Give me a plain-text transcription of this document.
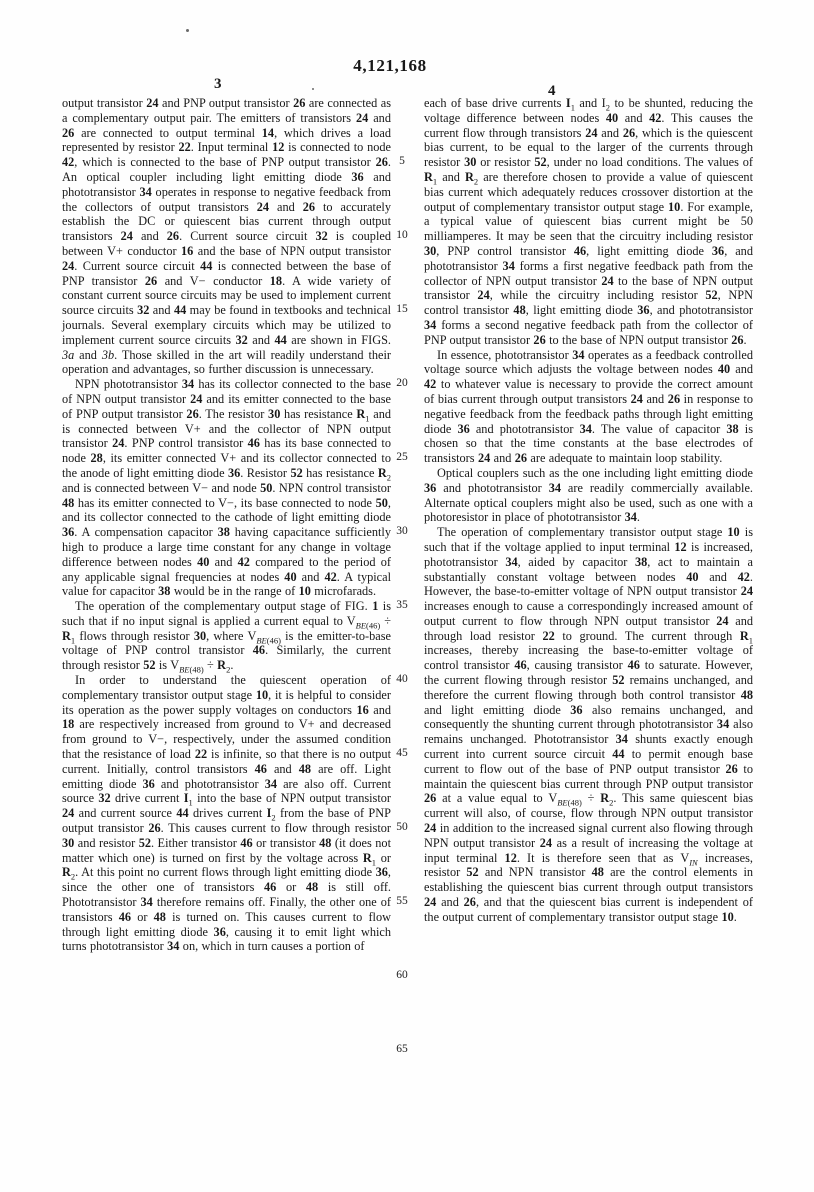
4,121,168
3	4

output transistor 24 and PNP output transistor 26 are connected as a complementary output pair. The emitters of transistors 24 and 26 are connected to output terminal 14, which drives a load represented by resistor 22. Input terminal 12 is connected to node 42, which is connected to the base of PNP output transistor 26. An optical coupler including light emitting diode 36 and phototransistor 34 operates in response to negative feedback from the collectors of output transistors 24 and 26 to accurately establish the DC or quiescent bias current through output transistors 24 and 26. Current source circuit 32 is coupled between V+ conductor 16 and the base of NPN output transistor 24. Current source circuit 44 is connected between the base of PNP transistor 26 and V− conductor 18. A wide variety of constant current source circuits may be used to implement current source circuits 32 and 44 may be found in textbooks and technical journals. Several exemplary circuits which may be utilized to implement current source circuits 32 and 44 are shown in FIGS. 3a and 3b. Those skilled in the art will readily understand their operation and advantages, so further discussion is unnecessary.

NPN phototransistor 34 has its collector connected to the base of NPN output transistor 24 and its emitter connected to the base of PNP output transistor 26. The resistor 30 has resistance $R_1$ and is connected between V+ and the collector of NPN output transistor 24. PNP control transistor 46 has its base connected to node 28, its emitter connected V+ and its collector connected to the anode of light emitting diode 36. Resistor 52 has resistance $R_2$ and is connected between V− and node 50. NPN control transistor 48 has its emitter connected to V−, its base connected to node 50, and its collector connected to the cathode of light emitting diode 36. A compensation capacitor 38 having capacitance sufficiently high to produce a large time constant for any change in voltage difference between nodes 40 and 42 compared to the period of any applicable signal frequencies at nodes 40 and 42. A typical value for capacitor 38 would be in the range of 10 microfarads.

The operation of the complementary output stage of FIG. 1 is such that if no input signal is applied a current equal to $V_{BE(46)} \div R_1$ flows through resistor 30, where $V_{BE(46)}$ is the emitter-to-base voltage of PNP control transistor 46. Similarly, the current through resistor 52 is $V_{BE(48)} \div R_2$.

In order to understand the quiescent operation of complementary transistor output stage 10, it is helpful to consider its operation as the power supply voltages on conductors 16 and 18 are respectively increased from ground to V+ and decreased from ground to V−, respectively, under the assumed condition that the resistance of load 22 is infinite, so that there is no output current. Initially, control transistors 46 and 48 are off. Light emitting diode 36 and phototransistor 34 are also off. Current source 32 drive current $I_1$ into the base of NPN output transistor 24 and current source 44 drives current $I_2$ from the base of PNP output transistor 26. This causes current to flow through resistor 30 and resistor 52. Either transistor 46 or transistor 48 (it does not matter which one) is turned on first by the voltage across $R_1$ or $R_2$. At this point no current flows through light emitting diode 36, since the other one of transistors 46 or 48 is still off. Phototransistor 34 therefore remains off. Finally, the other one of transistors 46 or 48 is turned on. This causes current to flow through light emitting diode 36, causing it to emit light which turns phototransistor 34 on, which in turn causes a portion of

5
10
15
20
25
30
35
40
45
50
55
60
65

each of base drive currents $I_1$ and $I_2$ to be shunted, reducing the voltage difference between nodes 40 and 42. This causes the current flow through transistors 24 and 26, which is the quiescent bias current, to be equal to the larger of the currents through resistor 30 or resistor 52, under no load conditions. The values of $R_1$ and $R_2$ are therefore chosen to provide a value of quiescent bias current which adequately reduces crossover distortion at the output of complementary transistor output stage 10. For example, a typical value of quiescent bias current might be 50 milliamperes. It may be seen that the circuitry including resistor 30, PNP control transistor 46, light emitting diode 36, and phototransistor 34 forms a first negative feedback path from the collector of NPN output transistor 24 to the base of NPN output transistor 24, while the circuitry including resistor 52, NPN control transistor 48, light emitting diode 36, and phototransistor 34 forms a second negative feedback path from the collector of PNP output transistor 26 to the base of NPN output transistor 26.

In essence, phototransistor 34 operates as a feedback controlled voltage source which adjusts the voltage between nodes 40 and 42 to whatever value is necessary to provide the correct amount of bias current through output transistors 24 and 26 in response to negative feedback from the feedback paths through light emitting diode 36 and phototransistor 34. The value of capacitor 38 is chosen so that the time constants at the base electrodes of transistors 24 and 26 are adequate to maintain loop stability.

Optical couplers such as the one including light emitting diode 36 and phototransistor 34 are readily commercially available. Alternate optical couplers might also be used, such as one with a photoresistor in place of phototransistor 34.

The operation of complementary transistor output stage 10 is such that if the voltage applied to input terminal 12 is increased, phototransistor 34, aided by capacitor 38, act to maintain a substantially constant voltage between nodes 40 and 42. However, the base-to-emitter voltage of NPN output transistor 24 increases enough to cause a correspondingly increased amount of output current to flow through NPN output transistor 24 and through load resistor 22 to ground. The current through $R_1$ increases, thereby increasing the base-to-emitter voltage of control transistor 46, causing transistor 46 to saturate. However, the current flowing through resistor 52 remains unchanged, and therefore the current flowing through both control transistor 48 and light emitting diode 36 also remains unchanged, and consequently the shunting current through phototransistor 34 also remains unchanged. Phototransistor 34 shunts exactly enough current into current source circuit 44 to permit enough base current to flow out of the base of PNP output transistor 26 to maintain the quiescent bias current through PNP output transistor 26 at a value equal to $V_{BE(48)} \div R_2$. This same quiescent bias current will also, of course, flow through NPN output transistor 24 in addition to the increased signal current also flowing through NPN output transistor 24 as a result of increasing the voltage at input terminal 12. It is therefore seen that as $V_{IN}$ increases, resistor 52 and NPN transistor 48 are the control elements in establishing the quiescent bias current through output transistors 24 and 26, and that the quiescent bias current is independent of the output current of complementary transistor output stage 10.
